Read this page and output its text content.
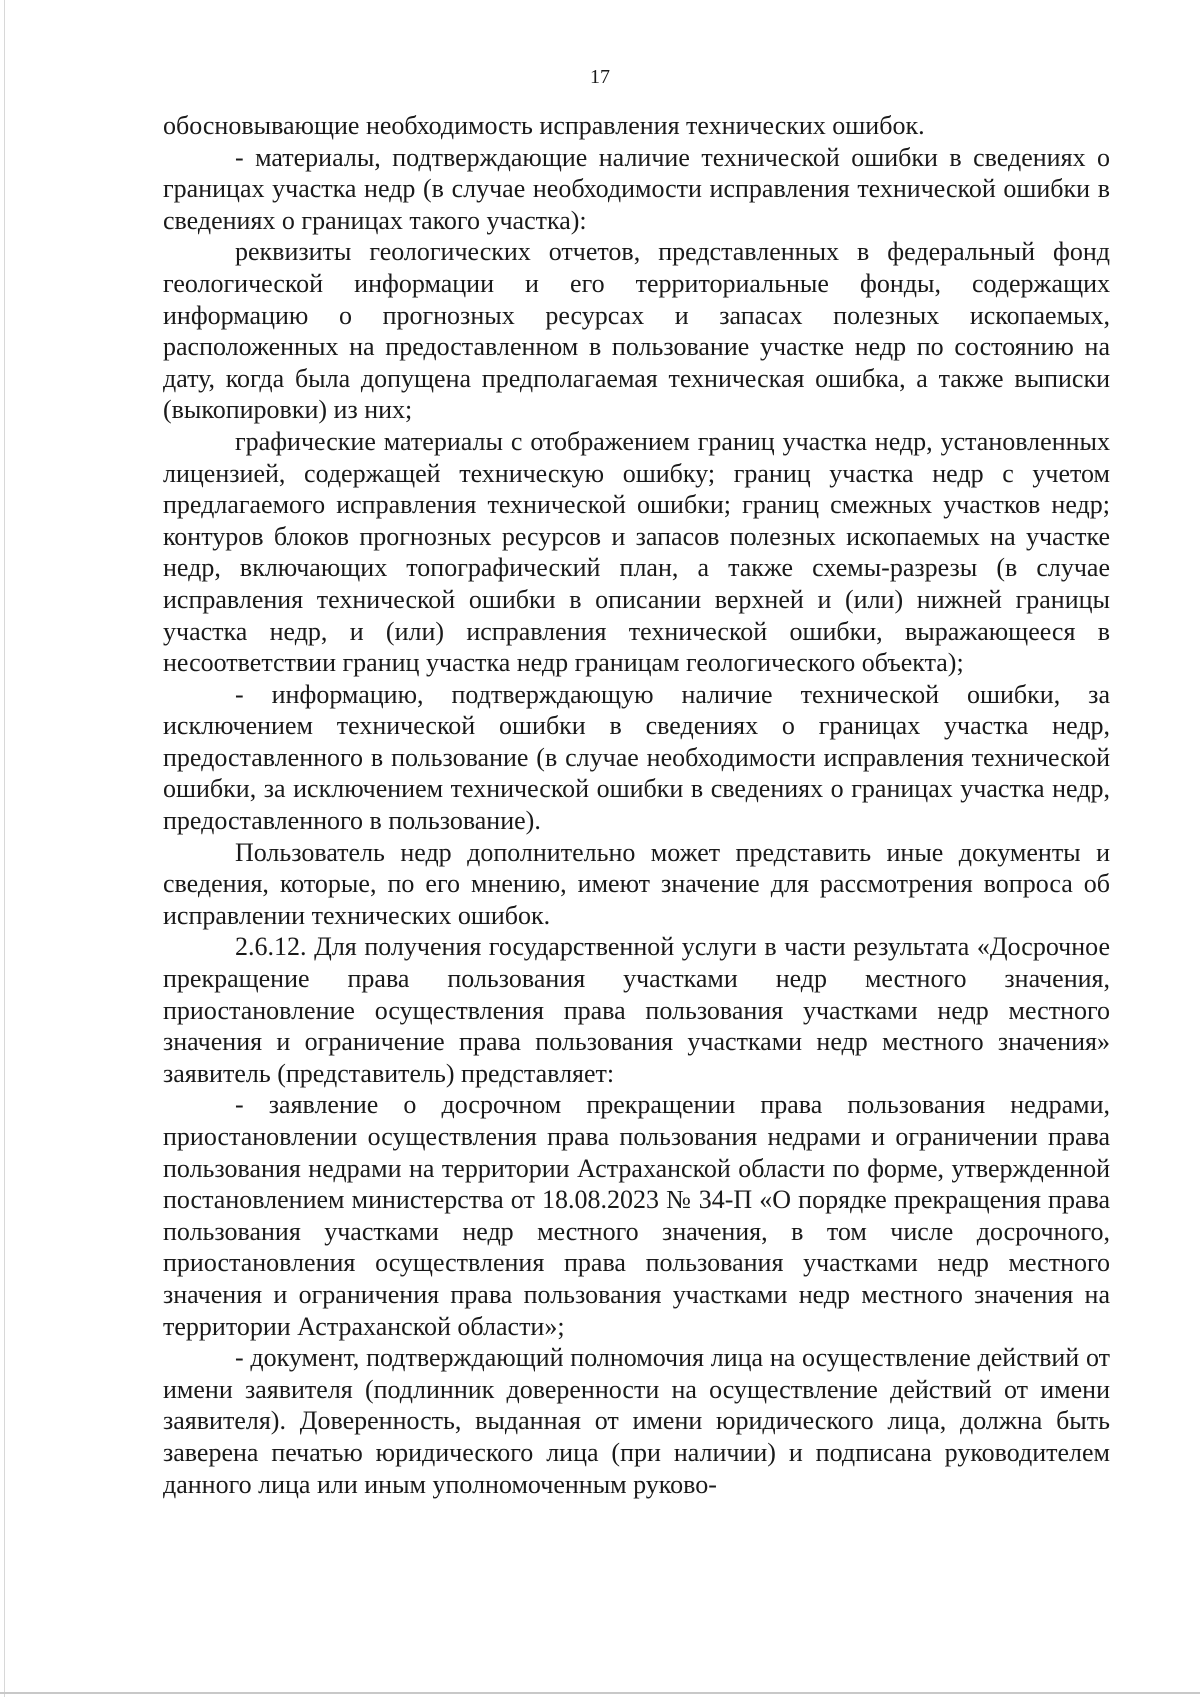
17

обосновывающие необходимость исправления технических ошибок.

- материалы, подтверждающие наличие технической ошибки в сведениях о границах участка недр (в случае необходимости исправления технической ошибки в сведениях о границах такого участка):

реквизиты геологических отчетов, представленных в федеральный фонд геологической информации и его территориальные фонды, содержащих информацию о прогнозных ресурсах и запасах полезных ископаемых, расположенных на предоставленном в пользование участке недр по состоянию на дату, когда была допущена предполагаемая техническая ошибка, а также выписки (выкопировки) из них;

графические материалы с отображением границ участка недр, установленных лицензией, содержащей техническую ошибку; границ участка недр с учетом предлагаемого исправления технической ошибки; границ смежных участков недр; контуров блоков прогнозных ресурсов и запасов полезных ископаемых на участке недр, включающих топографический план, а также схемы-разрезы (в случае исправления технической ошибки в описании верхней и (или) нижней границы участка недр, и (или) исправления технической ошибки, выражающееся в несоответствии границ участка недр границам геологического объекта);

- информацию, подтверждающую наличие технической ошибки, за исключением технической ошибки в сведениях о границах участка недр, предоставленного в пользование (в случае необходимости исправления технической ошибки, за исключением технической ошибки в сведениях о границах участка недр, предоставленного в пользование).

Пользователь недр дополнительно может представить иные документы и сведения, которые, по его мнению, имеют значение для рассмотрения вопроса об исправлении технических ошибок.

2.6.12. Для получения государственной услуги в части результата «Досрочное прекращение права пользования участками недр местного значения, приостановление осуществления права пользования участками недр местного значения и ограничение права пользования участками недр местного значения» заявитель (представитель) представляет:

- заявление о досрочном прекращении права пользования недрами, приостановлении осуществления права пользования недрами и ограничении права пользования недрами на территории Астраханской области по форме, утвержденной постановлением министерства от 18.08.2023 № 34-П «О порядке прекращения права пользования участками недр местного значения, в том числе досрочного, приостановления осуществления права пользования участками недр местного значения и ограничения права пользования участками недр местного значения на территории Астраханской области»;

- документ, подтверждающий полномочия лица на осуществление действий от имени заявителя (подлинник доверенности на осуществление действий от имени заявителя). Доверенность, выданная от имени юридического лица, должна быть заверена печатью юридического лица (при наличии) и подписана руководителем данного лица или иным уполномоченным руково-
